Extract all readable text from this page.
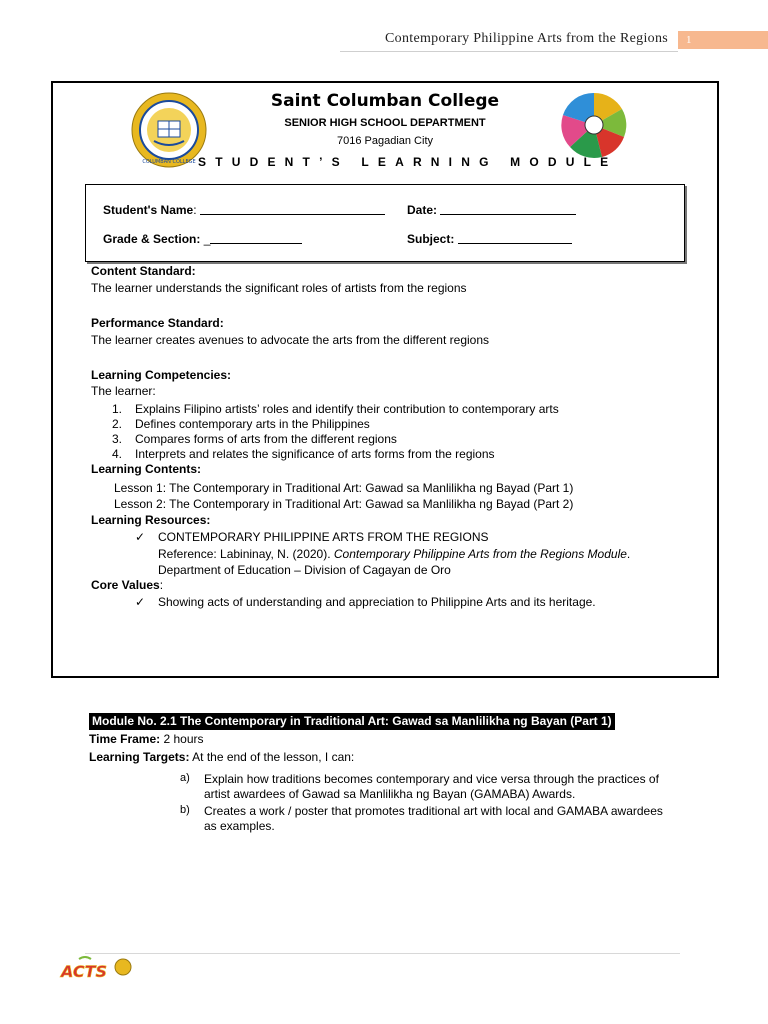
Contemporary Philippine Arts from the Regions	1
COLUMBAN COLLEGE
Saint Columban College
SENIOR HIGH SCHOOL DEPARTMENT
7016 Pagadian City
STUDENT’S LEARNING MODULE
Student's Name:	Date:
Grade & Section: _	Subject:
Content Standard:
The learner understands the significant roles of artists from the regions
Performance Standard:
The learner creates avenues to advocate the arts from the different regions
Learning Competencies:
The learner:
1. Explains Filipino artists’ roles and identify their contribution to contemporary arts
2. Defines contemporary arts in the Philippines
3. Compares forms of arts from the different regions
4. Interprets and relates the significance of arts forms from the regions
Learning Contents:
Lesson 1: The Contemporary in Traditional Art: Gawad sa Manlilikha ng Bayad (Part 1)
Lesson 2: The Contemporary in Traditional Art: Gawad sa Manlilikha ng Bayad (Part 2)
Learning Resources:
✓ CONTEMPORARY PHILIPPINE ARTS FROM THE REGIONS
Reference: Labininay, N. (2020). Contemporary Philippine Arts from the Regions Module.
Department of Education – Division of Cagayan de Oro
Core Values:
✓ Showing acts of understanding and appreciation to Philippine Arts and its heritage.
Module No. 2.1 The Contemporary in Traditional Art: Gawad sa Manlilikha ng Bayan (Part 1)
Time Frame: 2 hours
Learning Targets: At the end of the lesson, I can:
a)	Explain how traditions becomes contemporary and vice versa through the practices of
artist awardees of Gawad sa Manlilikha ng Bayan (GAMABA) Awards.
b)	Creates a work / poster that promotes traditional art with local and GAMABA awardees
as examples.
ACTS
